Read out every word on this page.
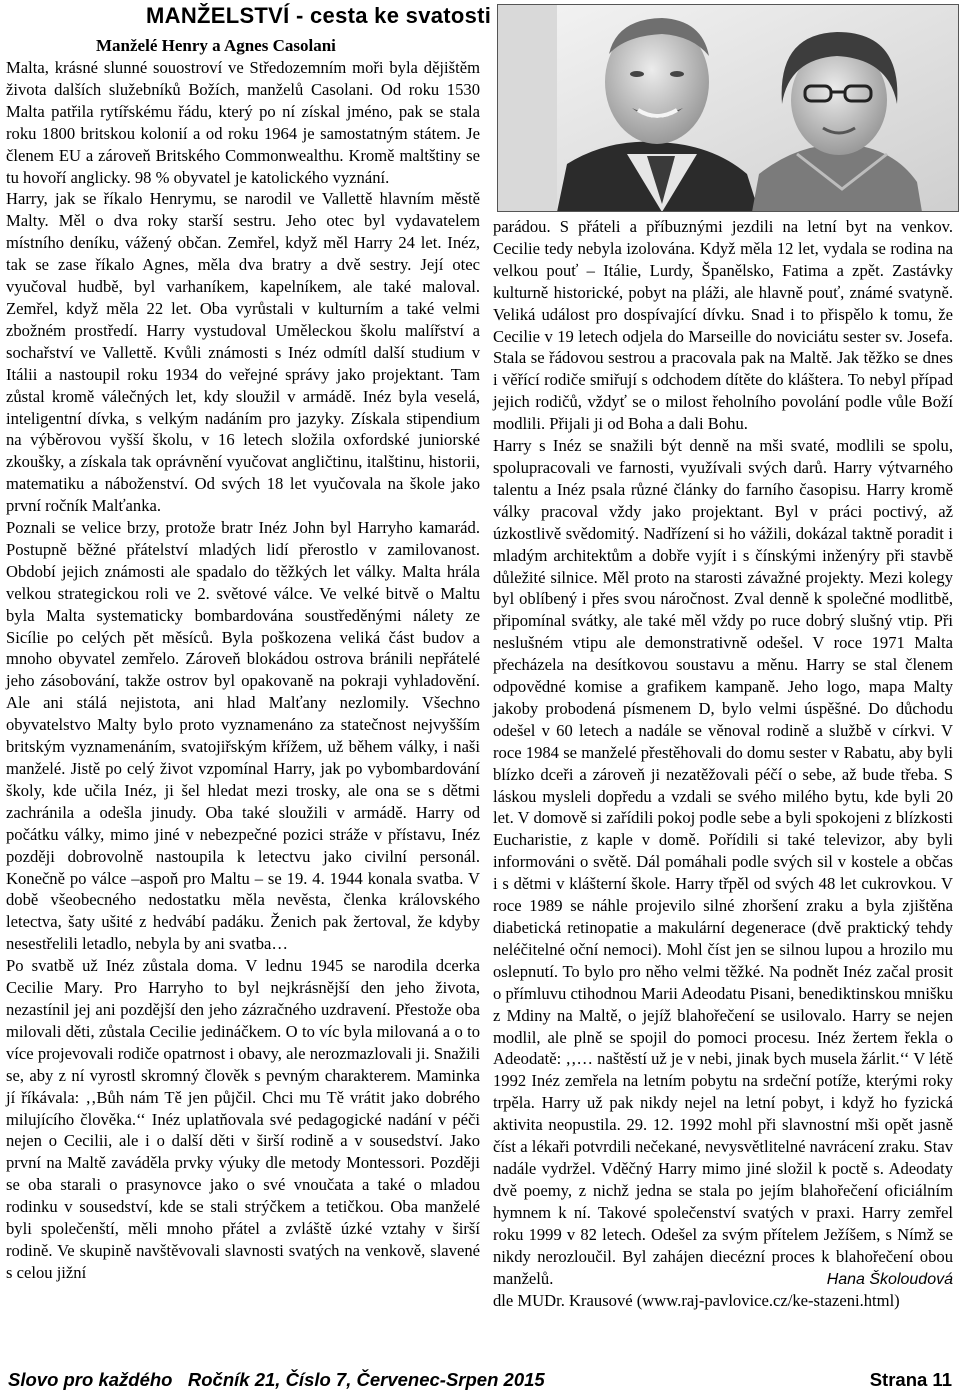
MANŽELSTVÍ - cesta ke svatosti
Manželé Henry a Agnes Casolani

Malta, krásné slunné souostroví ve Středozemním moři byla dějištěm života dalších služebníků Božích, manželů Casolani. Od roku 1530 Malta patřila rytířskému řádu, který po ní získal jméno, pak se stala roku 1800 britskou kolonií a od roku 1964 je samostatným státem. Je členem EU a zároveň Britského Commonwealthu. Kromě maltštiny se tu hovoří anglicky. 98 % obyvatel je katolického vyznání.

Harry, jak se říkalo Henrymu, se narodil ve Vallettě hlavním městě Malty. Měl o dva roky starší sestru. Jeho otec byl vydavatelem místního deníku, vážený občan. Zemřel, když měl Harry 24 let. Inéz, tak se zase říkalo Agnes, měla dva bratry a dvě sestry. Její otec vyučoval hudbě, byl varhaníkem, kapelníkem, ale také maloval. Zemřel, když měla 22 let. Oba vyrůstali v kulturním a také velmi zbožném prostředí. Harry vystudoval Uměleckou školu malířství a sochařství ve Vallettě. Kvůli známosti s Inéz odmítl další studium v Itálii a nastoupil roku 1934 do veřejné správy jako projektant. Tam zůstal kromě válečných let, kdy sloužil v armádě. Inéz byla veselá, inteligentní dívka, s velkým nadáním pro jazyky. Získala stipendium na výběrovou vyšší školu, v 16 letech složila oxfordské juniorské zkoušky, a získala tak oprávnění vyučovat angličtinu, italštinu, historii, matematiku a náboženství. Od svých 18 let vyučovala na škole jako první ročník Malťanka.

Poznali se velice brzy, protože bratr Inéz John byl Harryho kamarád. Postupně běžné přátelství mladých lidí přerostlo v zamilovanost. Období jejich známosti ale spadalo do těžkých let války. Malta hrála velkou strategickou roli ve 2. světové válce. Ve velké bitvě o Maltu byla Malta systematicky bombardována soustředěnými nálety ze Sicílie po celých pět měsíců. Byla poškozena veliká část budov a mnoho obyvatel zemřelo. Zároveň blokádou ostrova bránili nepřátelé jeho zásobování, takže ostrov byl opakovaně na pokraji vyhladovění. Ale ani stálá nejistota, ani hlad Malťany nezlomily. Všechno obyvatelstvo Malty bylo proto vyznamenáno za statečnost nejvyšším britským vyznamenáním, svatojiřským křížem, už během války, i naši manželé. Jistě po celý život vzpomínal Harry, jak po vybombardování školy, kde učila Inéz, ji šel hledat mezi trosky, ale ona se s dětmi zachránila a odešla jinudy. Oba také sloužili v armádě. Harry od počátku války, mimo jiné v nebezpečné pozici stráže v přístavu, Inéz později dobrovolně nastoupila k letectvu jako civilní personál. Konečně po válce –aspoň pro Maltu – se 19. 4. 1944 konala svatba. V době všeobecného nedostatku měla nevěsta, členka královského letectva, šaty ušité z hedvábí padáku. Ženich pak žertoval, že kdyby nesestřelili letadlo, nebyla by ani svatba…

Po svatbě už Inéz zůstala doma. V lednu 1945 se narodila dcerka Cecilie Mary. Pro Harryho to byl nejkrásnější den jeho života, nezastínil jej ani pozdější den jeho zázračného uzdravení. Přestože oba milovali děti, zůstala Cecilie jedináčkem. O to víc byla milovaná a o to více projevovali rodiče opatrnost i obavy, ale nerozmazlovali ji. Snažili se, aby z ní vyrostl skromný člověk s pevným charakterem. Maminka jí říkávala: ‚‚Bůh nám Tě jen půjčil. Chci mu Tě vrátit jako dobrého milujícího člověka.‘‘ Inéz uplatňovala své pedagogické nadání v péči nejen o Cecilii, ale i o další děti v širší rodině a v sousedství. Jako první na Maltě zaváděla prvky výuky dle metody Montessori. Později se oba starali o prasynovce jako o své vnoučata a také o mladou rodinku v sousedství, kde se stali strýčkem a tetičkou. Oba manželé byli společenští, měli mnoho přátel a zvláště úzké vztahy v širší rodině. Ve skupině navštěvovali slavnosti svatých na venkově, slavené s celou jižní

parádou. S přáteli a příbuznými jezdili na letní byt na venkov. Cecilie tedy nebyla izolována. Když měla 12 let, vydala se rodina na velkou pouť – Itálie, Lurdy, Španělsko, Fatima a zpět. Zastávky kulturně historické, pobyt na pláži, ale hlavně pouť, známé svatyně. Veliká událost pro dospívající dívku. Snad i to přispělo k tomu, že Cecilie v 19 letech odjela do Marseille do noviciátu sester sv. Josefa. Stala se řádovou sestrou a pracovala pak na Maltě. Jak těžko se dnes i věřící rodiče smiřují s odchodem dítěte do kláštera. To nebyl případ jejich rodičů, vždyť se o milost řeholního povolání podle vůle Boží modlili. Přijali ji od Boha a dali Bohu.

Harry s Inéz se snažili být denně na mši svaté, modlili se spolu, spolupracovali ve farnosti, využívali svých darů. Harry výtvarného talentu a Inéz psala různé články do farního časopisu. Harry kromě války pracoval vždy jako projektant. Byl v práci poctivý, až úzkostlivě svědomitý. Nadřízení si ho vážili, dokázal taktně poradit i mladým architektům a dobře vyjít i s čínskými inženýry při stavbě důležité silnice. Měl proto na starosti závažné projekty. Mezi kolegy byl oblíbený i přes svou náročnost. Zval denně k společné modlitbě, připomínal svátky, ale také měl vždy po ruce dobrý slušný vtip. Při neslušném vtipu ale demonstrativně odešel. V roce 1971 Malta přecházela na desítkovou soustavu a měnu. Harry se stal členem odpovědné komise a grafikem kampaně. Jeho logo, mapa Malty jakoby probodená písmenem D, bylo velmi úspěšné. Do důchodu odešel v 60 letech a nadále se věnoval rodině a službě v církvi. V roce 1984 se manželé přestěhovali do domu sester v Rabatu, aby byli blízko dceři a zároveň ji nezatěžovali péčí o sebe, až bude třeba. S láskou mysleli dopředu a vzdali se svého milého bytu, kde byli 20 let. V domově si zařídili pokoj podle sebe a byli spokojeni z blízkosti Eucharistie, z kaple v domě. Pořídili si také televizor, aby byli informováni o světě. Dál pomáhali podle svých sil v kostele a občas i s dětmi v klášterní škole. Harry třpěl od svých 48 let cukrovkou. V roce 1989 se náhle projevilo silné zhoršení zraku a byla zjištěna diabetická retinopatie a makulární degenerace (dvě praktický tehdy neléčitelné oční nemoci). Mohl číst jen se silnou lupou a hrozilo mu oslepnutí. To bylo pro něho velmi těžké. Na podnět Inéz začal prosit o přímluvu ctihodnou Marii Adeodatu Pisani, benediktinskou mnišku z Mdiny na Maltě, o jejíž blahořečení se usilovalo. Harry se nejen modlil, ale plně se spojil do pomoci procesu. Inéz žertem řekla o Adeodatě: ‚‚… naštěstí už je v nebi, jinak bych musela žárlit.‘‘ V létě 1992 Inéz zemřela na letním pobytu na srdeční potíže, kterými roky trpěla. Harry už pak nikdy nejel na letní pobyt, i když ho fyzická aktivita neopustila. 29. 12. 1992 mohl při slavnostní mši opět jasně číst a lékaři potvrdili nečekané, nevysvětlitelné navrácení zraku. Stav nadále vydržel. Vděčný Harry mimo jiné složil k poctě s. Adeodaty dvě poemy, z nichž jedna se stala po jejím blahořečení oficiálním hymnem k ní. Takové společenství svatých v praxi. Harry zemřel roku 1999 v 82 letech. Odešel za svým přítelem Ježíšem, s Nímž se nikdy nerozloučil. Byl zahájen diecézní proces k blahořečení obou manželů.	Hana Školoudová

dle MUDr. Krausové (www.raj-pavlovice.cz/ke-stazeni.html)

Slovo pro každého   Ročník 21, Číslo 7, Červenec-Srpen 2015	Strana 11
